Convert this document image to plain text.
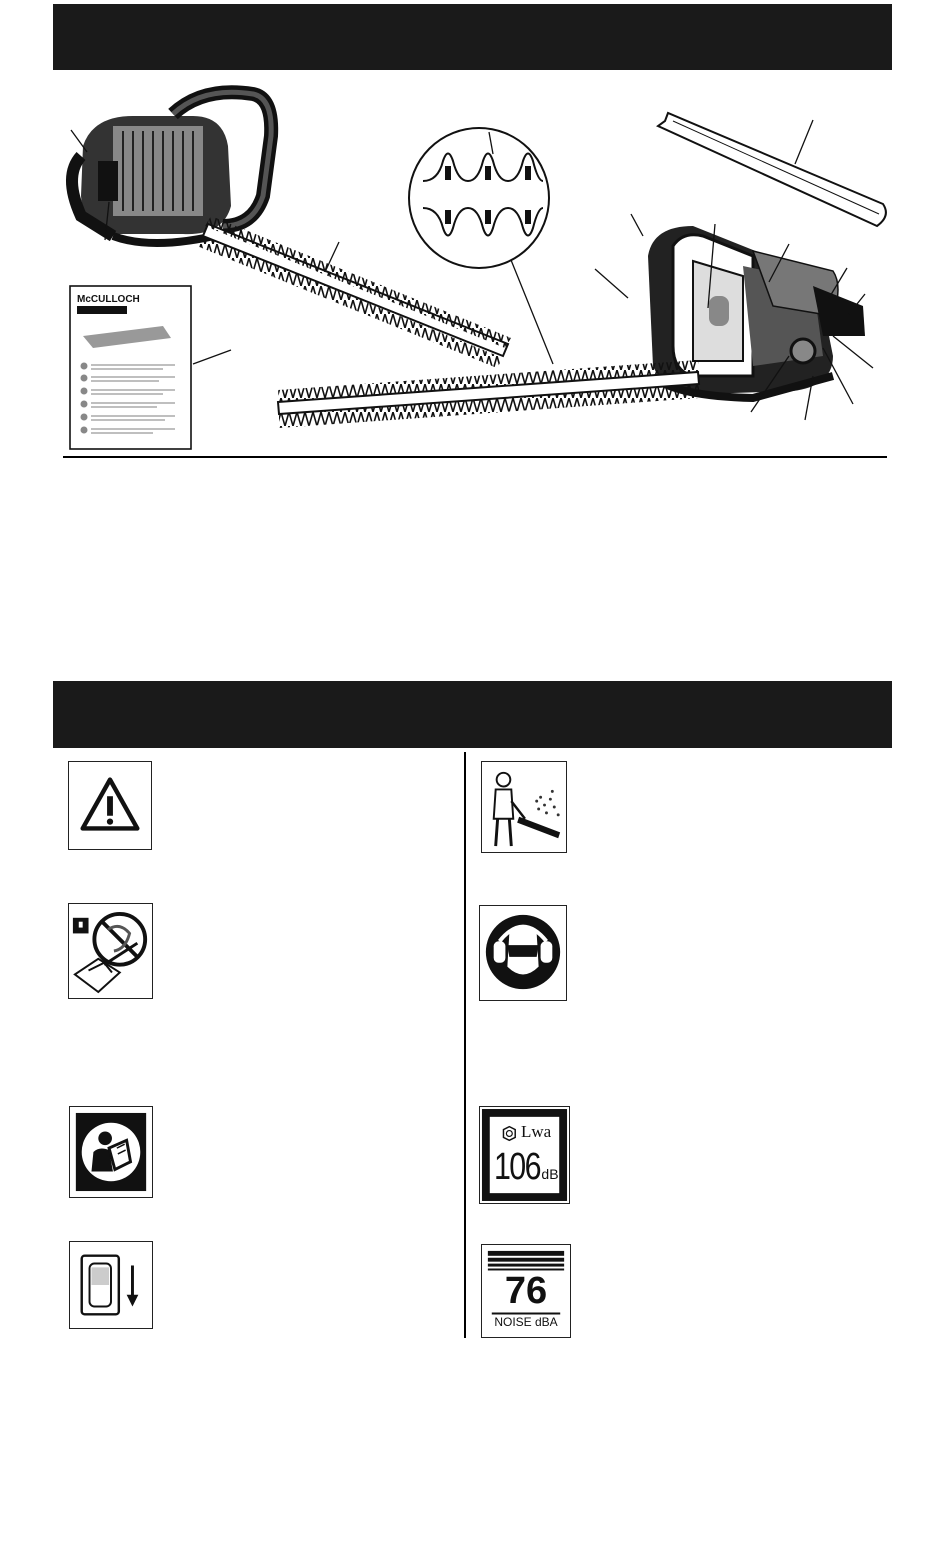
McCULLOCH
Lwa
106dB
76
NOISE dBA
